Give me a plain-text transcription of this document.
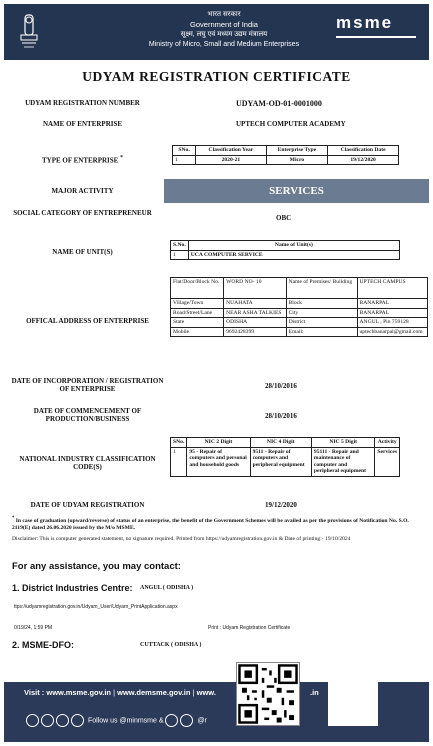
भारत सरकार
Government of India
सूक्ष्म, लघु एवं मध्यम उद्यम मंत्रालय
Ministry of Micro, Small and Medium Enterprises
msme
UDYAM REGISTRATION CERTIFICATE
UDYAM REGISTRATION NUMBER	UDYAM-OD-01-0001000
NAME OF ENTERPRISE	UPTECH COMPUTER ACADEMY
TYPE OF ENTERPRISE *
SNo.	Classification Year	Enterprise Type	Classification Date
1	2020-21	Micro	19/12/2020
MAJOR ACTIVITY	SERVICES
SOCIAL CATEGORY OF ENTREPRENEUR
OBC
NAME OF UNIT(S)
S.No.	Name of Unit(s)
1	UCA COMPUTER SERVICE
OFFICAL ADDRESS OF ENTERPRISE
Flat/Door/Block No.	WORD NO- 10	Name of Premises/ Building	UPTECH CAMPUS
Village/Town	NUAHATA	Block	BANARPAL
Road/Street/Lane	NEAR ASHA TALKIES	City	BANARPAL
State	ODISHA	District	ANGUL , Pin 759128
Mobile	9692428399	Email:	uptechbanarpal@gmail.com
DATE OF INCORPORATION / REGISTRATION OF ENTERPRISE	28/10/2016
DATE OF COMMENCEMENT OF PRODUCTION/BUSINESS	28/10/2016
NATIONAL INDUSTRY CLASSIFICATION CODE(S)
SNo.	NIC 2 Digit	NIC 4 Digit	NIC 5 Digit	Activity
1	95 - Repair of computers and personal and household goods	9511 - Repair of computers and peripheral equipment	95111 - Repair and maintenance of computer and peripheral equipment	Services
DATE OF UDYAM REGISTRATION	19/12/2020
* In case of graduation (upward/reverse) of status of an enterprise, the benefit of the Government Schemes will be availed as per the provisions of Notification No. S.O. 2119(E) dated 26.06.2020 issued by the M/o MSME.
Disclaimer: This is computer generated statement, no signature required. Printed from https://udyamregistration.gov.in & Date of printing:- 19/10/2024
For any assistance, you may contact:
1. District Industries Centre: ANGUL ( ODISHA )
ttps://udyamregistration.gov.in/Udyam_User/Udyam_PrintApplication.aspx
0/19/24, 1:59 PM	Print : Udyam Registration Certificate
2. MSME-DFO:	CUTTACK ( ODISHA )
Visit : www.msme.gov.in | www.demsme.gov.in | www.	.in
Follow us @minmsme &	@r
